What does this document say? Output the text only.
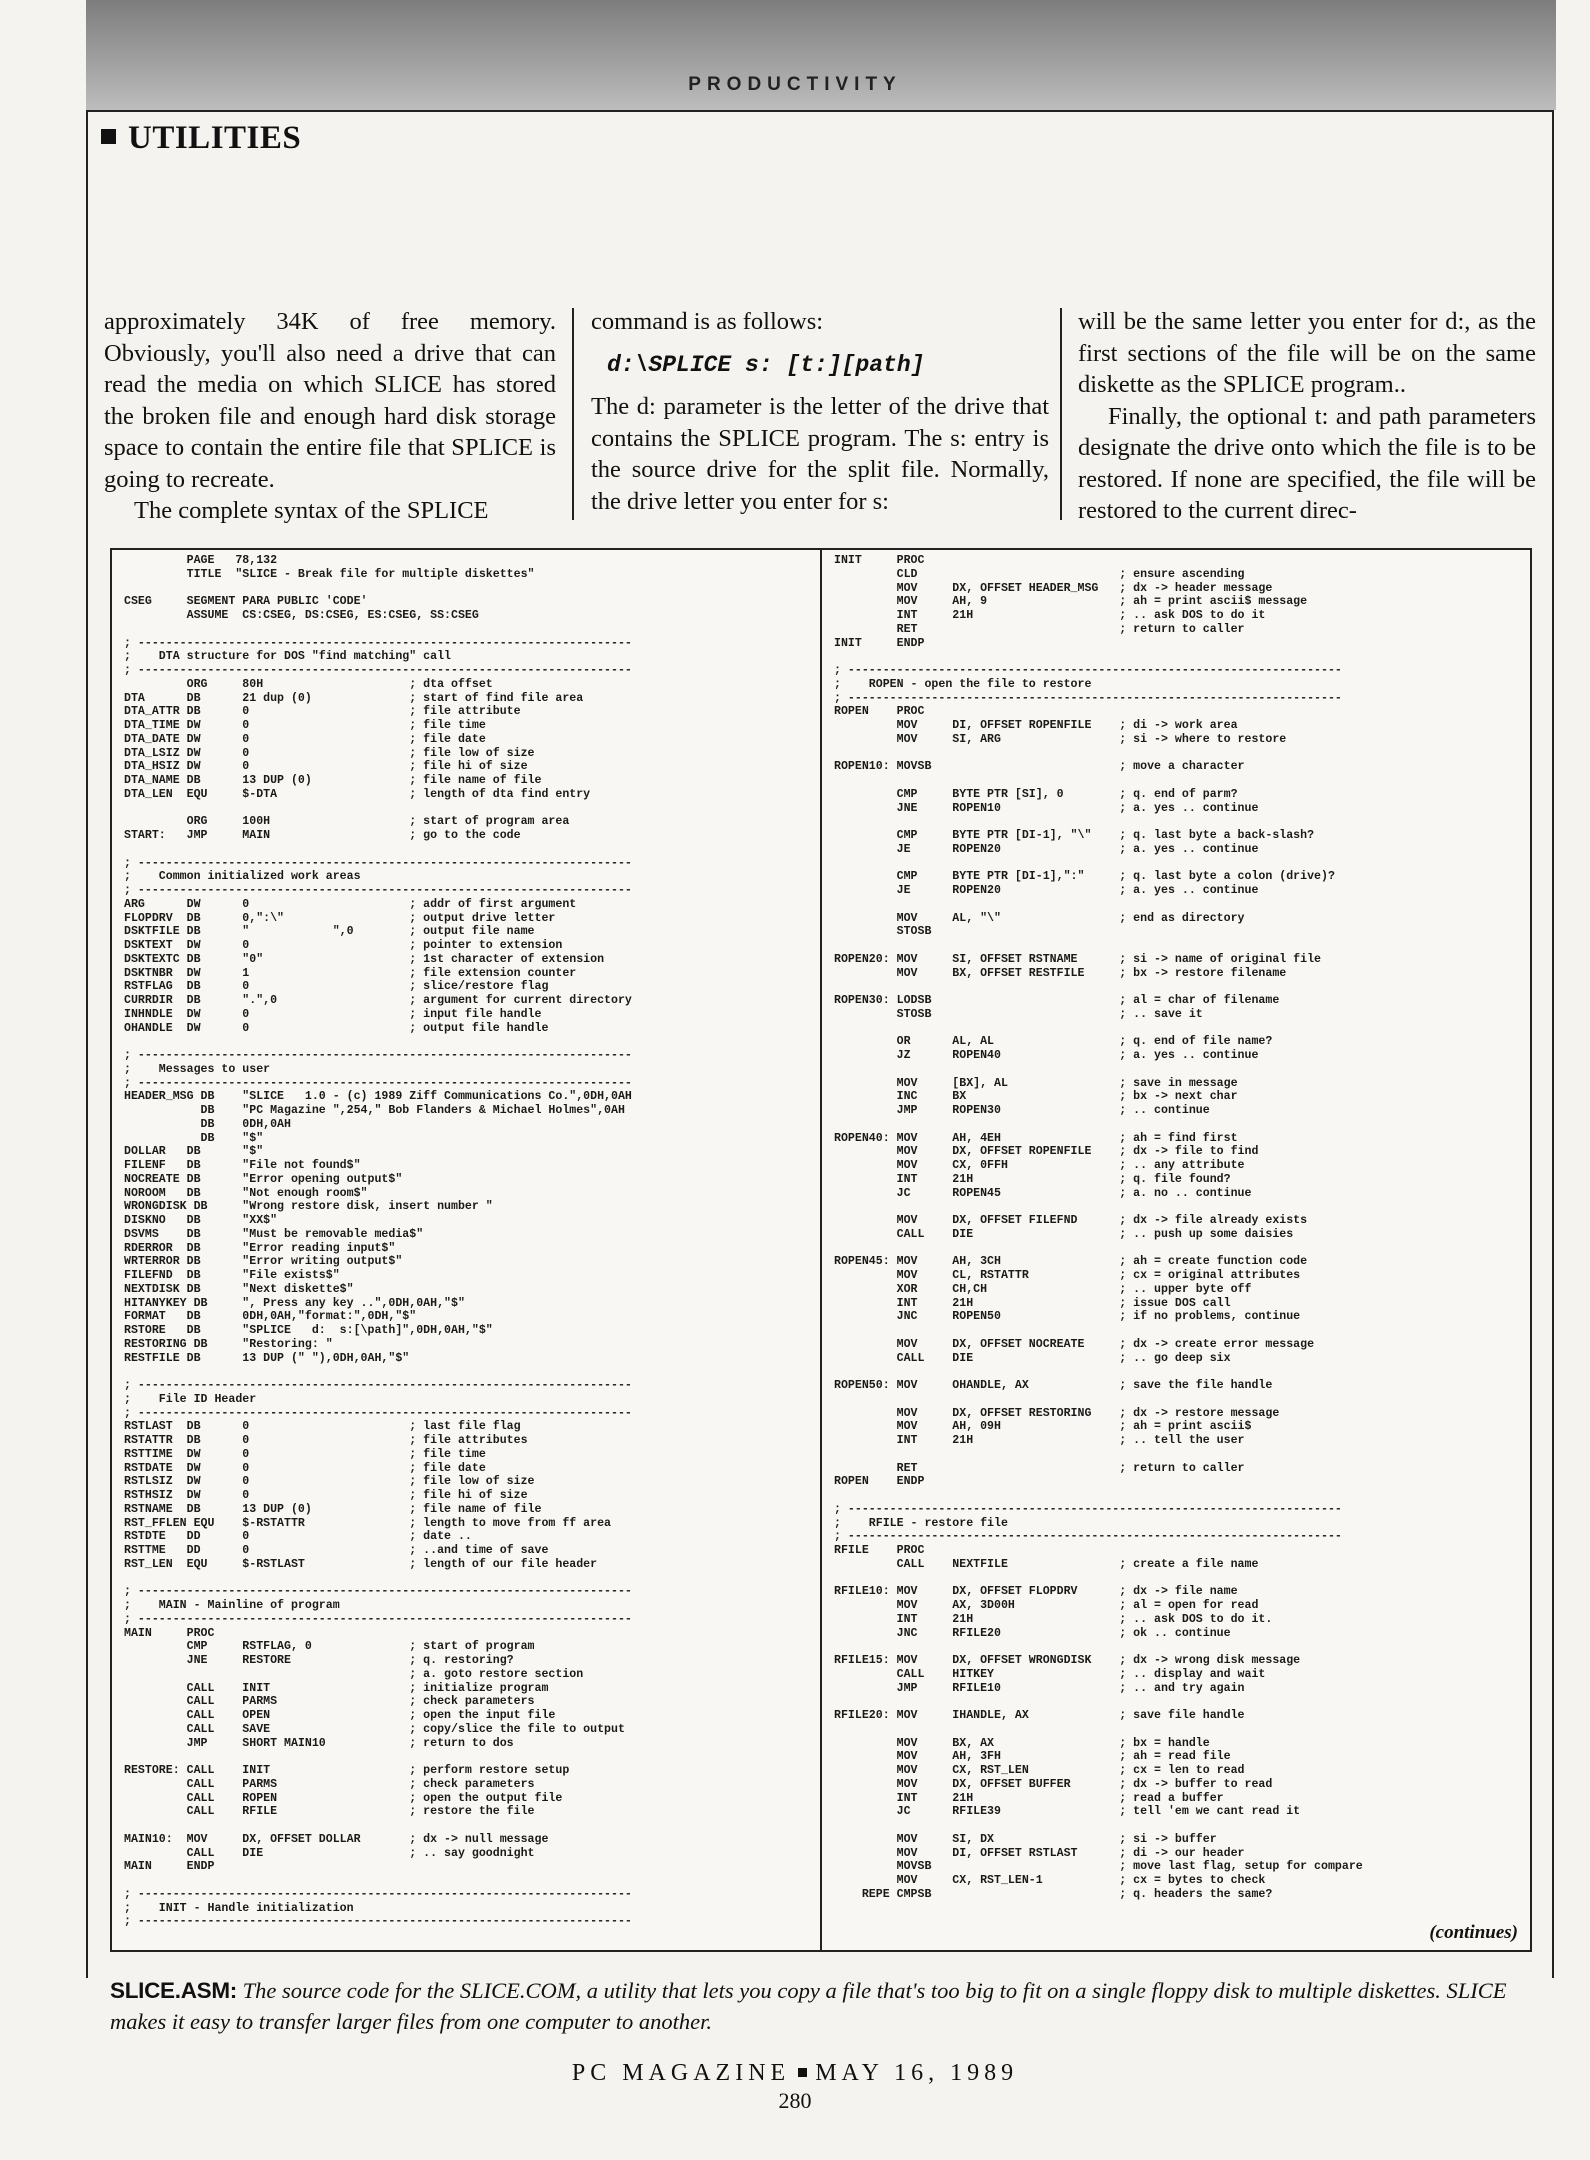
PRODUCTIVITY
UTILITIES

approximately 34K of free memory. Obviously, you'll also need a drive that can read the media on which SLICE has stored the broken file and enough hard disk storage space to contain the entire file that SPLICE is going to recreate.

The complete syntax of the SPLICE

command is as follows:

d:\SPLICE s: [t:][path]

The d: parameter is the letter of the drive that contains the SPLICE program. The s: entry is the source drive for the split file. Normally, the drive letter you enter for s:

will be the same letter you enter for d:, as the first sections of the file will be on the same diskette as the SPLICE program..

Finally, the optional t: and path parameters designate the drive onto which the file is to be restored. If none are specified, the file will be restored to the current direc-

PAGE   78,132
TITLE  "SLICE - Break file for multiple diskettes"

CSEG     SEGMENT PARA PUBLIC 'CODE'
ASSUME  CS:CSEG, DS:CSEG, ES:CSEG, SS:CSEG

; -----------------------------------------------------------------------
;    DTA structure for DOS "find matching" call
; -----------------------------------------------------------------------
ORG     80H                     ; dta offset
DTA      DB      21 dup (0)              ; start of find file area
DTA_ATTR DB      0                       ; file attribute
DTA_TIME DW      0                       ; file time
DTA_DATE DW      0                       ; file date
DTA_LSIZ DW      0                       ; file low of size
DTA_HSIZ DW      0                       ; file hi of size
DTA_NAME DB      13 DUP (0)              ; file name of file
DTA_LEN  EQU     $-DTA                   ; length of dta find entry

ORG     100H                    ; start of program area
START:   JMP     MAIN                    ; go to the code

; -----------------------------------------------------------------------
;    Common initialized work areas
; -----------------------------------------------------------------------
ARG      DW      0                       ; addr of first argument
FLOPDRV  DB      0,":\"                  ; output drive letter
DSKTFILE DB      "            ",0        ; output file name
DSKTEXT  DW      0                       ; pointer to extension
DSKTEXTC DB      "0"                     ; 1st character of extension
DSKTNBR  DW      1                       ; file extension counter
RSTFLAG  DB      0                       ; slice/restore flag
CURRDIR  DB      ".",0                   ; argument for current directory
INHNDLE  DW      0                       ; input file handle
OHANDLE  DW      0                       ; output file handle

; -----------------------------------------------------------------------
;    Messages to user
; -----------------------------------------------------------------------
HEADER_MSG DB    "SLICE   1.0 - (c) 1989 Ziff Communications Co.",0DH,0AH
DB    "PC Magazine ",254," Bob Flanders & Michael Holmes",0AH
DB    0DH,0AH
DB    "$"
DOLLAR   DB      "$"
FILENF   DB      "File not found$"
NOCREATE DB      "Error opening output$"
NOROOM   DB      "Not enough room$"
WRONGDISK DB     "Wrong restore disk, insert number "
DISKNO   DB      "XX$"
DSVMS    DB      "Must be removable media$"
RDERROR  DB      "Error reading input$"
WRTERROR DB      "Error writing output$"
FILEFND  DB      "File exists$"
NEXTDISK DB      "Next diskette$"
HITANYKEY DB     ", Press any key ..",0DH,0AH,"$"
FORMAT   DB      0DH,0AH,"format:",0DH,"$"
RSTORE   DB      "SPLICE   d:  s:[\path]",0DH,0AH,"$"
RESTORING DB     "Restoring: "
RESTFILE DB      13 DUP (" "),0DH,0AH,"$"

; -----------------------------------------------------------------------
;    File ID Header
; -----------------------------------------------------------------------
RSTLAST  DB      0                       ; last file flag
RSTATTR  DB      0                       ; file attributes
RSTTIME  DW      0                       ; file time
RSTDATE  DW      0                       ; file date
RSTLSIZ  DW      0                       ; file low of size
RSTHSIZ  DW      0                       ; file hi of size
RSTNAME  DB      13 DUP (0)              ; file name of file
RST_FFLEN EQU    $-RSTATTR               ; length to move from ff area
RSTDTE   DD      0                       ; date ..
RSTTME   DD      0                       ; ..and time of save
RST_LEN  EQU     $-RSTLAST               ; length of our file header

; -----------------------------------------------------------------------
;    MAIN - Mainline of program
; -----------------------------------------------------------------------
MAIN     PROC
CMP     RSTFLAG, 0              ; start of program
JNE     RESTORE                 ; q. restoring?
; a. goto restore section
CALL    INIT                    ; initialize program
CALL    PARMS                   ; check parameters
CALL    OPEN                    ; open the input file
CALL    SAVE                    ; copy/slice the file to output
JMP     SHORT MAIN10            ; return to dos

RESTORE: CALL    INIT                    ; perform restore setup
CALL    PARMS                   ; check parameters
CALL    ROPEN                   ; open the output file
CALL    RFILE                   ; restore the file

MAIN10:  MOV     DX, OFFSET DOLLAR       ; dx -> null message
CALL    DIE                     ; .. say goodnight
MAIN     ENDP

; -----------------------------------------------------------------------
;    INIT - Handle initialization
; -----------------------------------------------------------------------
INIT     PROC
CLD                             ; ensure ascending
MOV     DX, OFFSET HEADER_MSG   ; dx -> header message
MOV     AH, 9                   ; ah = print ascii$ message
INT     21H                     ; .. ask DOS to do it
RET                             ; return to caller
INIT     ENDP

; -----------------------------------------------------------------------
;    ROPEN - open the file to restore
; -----------------------------------------------------------------------
ROPEN    PROC
MOV     DI, OFFSET ROPENFILE    ; di -> work area
MOV     SI, ARG                 ; si -> where to restore

ROPEN10: MOVSB                           ; move a character

CMP     BYTE PTR [SI], 0        ; q. end of parm?
JNE     ROPEN10                 ; a. yes .. continue

CMP     BYTE PTR [DI-1], "\"    ; q. last byte a back-slash?
JE      ROPEN20                 ; a. yes .. continue

CMP     BYTE PTR [DI-1],":"     ; q. last byte a colon (drive)?
JE      ROPEN20                 ; a. yes .. continue

MOV     AL, "\"                 ; end as directory
STOSB

ROPEN20: MOV     SI, OFFSET RSTNAME      ; si -> name of original file
MOV     BX, OFFSET RESTFILE     ; bx -> restore filename

ROPEN30: LODSB                           ; al = char of filename
STOSB                           ; .. save it

OR      AL, AL                  ; q. end of file name?
JZ      ROPEN40                 ; a. yes .. continue

MOV     [BX], AL                ; save in message
INC     BX                      ; bx -> next char
JMP     ROPEN30                 ; .. continue

ROPEN40: MOV     AH, 4EH                 ; ah = find first
MOV     DX, OFFSET ROPENFILE    ; dx -> file to find
MOV     CX, 0FFH                ; .. any attribute
INT     21H                     ; q. file found?
JC      ROPEN45                 ; a. no .. continue

MOV     DX, OFFSET FILEFND      ; dx -> file already exists
CALL    DIE                     ; .. push up some daisies

ROPEN45: MOV     AH, 3CH                 ; ah = create function code
MOV     CL, RSTATTR             ; cx = original attributes
XOR     CH,CH                   ; .. upper byte off
INT     21H                     ; issue DOS call
JNC     ROPEN50                 ; if no problems, continue

MOV     DX, OFFSET NOCREATE     ; dx -> create error message
CALL    DIE                     ; .. go deep six

ROPEN50: MOV     OHANDLE, AX             ; save the file handle

MOV     DX, OFFSET RESTORING    ; dx -> restore message
MOV     AH, 09H                 ; ah = print ascii$
INT     21H                     ; .. tell the user

RET                             ; return to caller
ROPEN    ENDP

; -----------------------------------------------------------------------
;    RFILE - restore file
; -----------------------------------------------------------------------
RFILE    PROC
CALL    NEXTFILE                ; create a file name

RFILE10: MOV     DX, OFFSET FLOPDRV      ; dx -> file name
MOV     AX, 3D00H               ; al = open for read
INT     21H                     ; .. ask DOS to do it.
JNC     RFILE20                 ; ok .. continue

RFILE15: MOV     DX, OFFSET WRONGDISK    ; dx -> wrong disk message
CALL    HITKEY                  ; .. display and wait
JMP     RFILE10                 ; .. and try again

RFILE20: MOV     IHANDLE, AX             ; save file handle

MOV     BX, AX                  ; bx = handle
MOV     AH, 3FH                 ; ah = read file
MOV     CX, RST_LEN             ; cx = len to read
MOV     DX, OFFSET BUFFER       ; dx -> buffer to read
INT     21H                     ; read a buffer
JC      RFILE39                 ; tell 'em we cant read it

MOV     SI, DX                  ; si -> buffer
MOV     DI, OFFSET RSTLAST      ; di -> our header
MOVSB                           ; move last flag, setup for compare
MOV     CX, RST_LEN-1           ; cx = bytes to check
REPE CMPSB                           ; q. headers the same?
(continues)
SLICE.ASM: The source code for the SLICE.COM, a utility that lets you copy a file that's too big to fit on a single floppy disk to multiple diskettes. SLICE makes it easy to transfer larger files from one computer to another.
PC MAGAZINE MAY 16, 1989
280
